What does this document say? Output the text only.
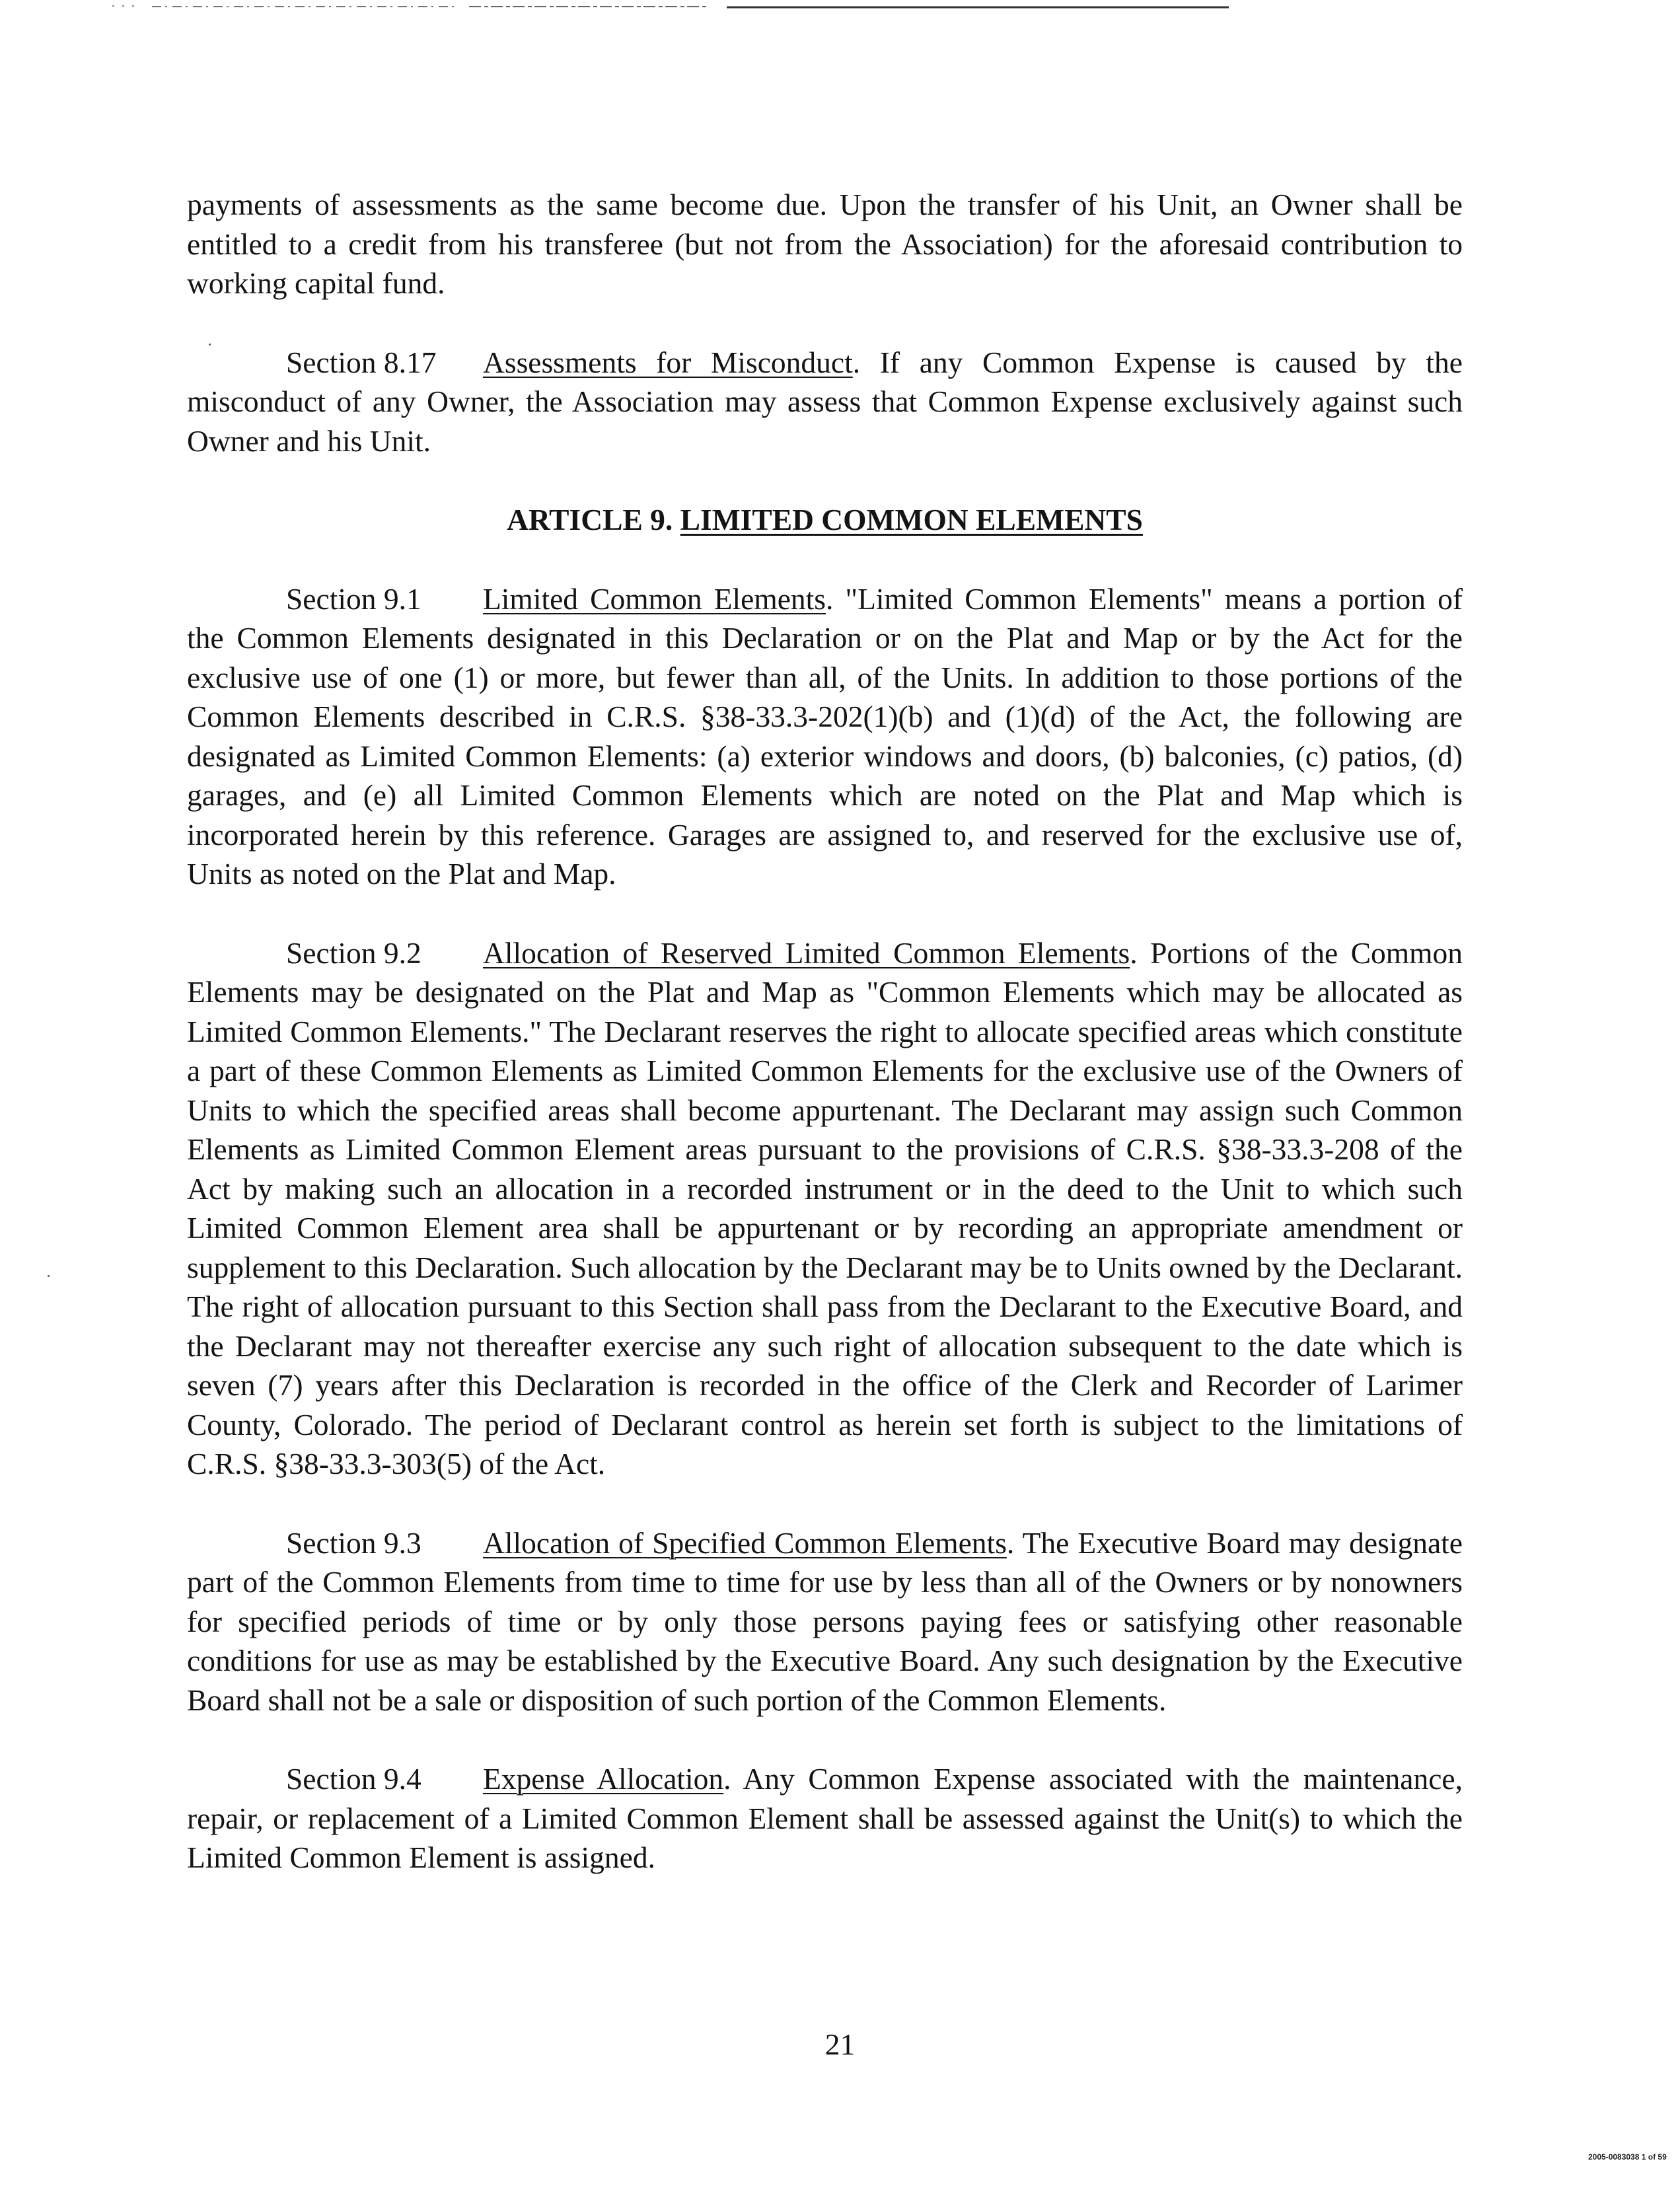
payments of assessments as the same become due. Upon the transfer of his Unit, an Owner shall be entitled to a credit from his transferee (but not from the Association) for the aforesaid contribution to working capital fund.

Section 8.17 Assessments for Misconduct. If any Common Expense is caused by the misconduct of any Owner, the Association may assess that Common Expense exclusively against such Owner and his Unit.

ARTICLE 9. LIMITED COMMON ELEMENTS

Section 9.1 Limited Common Elements. "Limited Common Elements" means a portion of the Common Elements designated in this Declaration or on the Plat and Map or by the Act for the exclusive use of one (1) or more, but fewer than all, of the Units. In addition to those portions of the Common Elements described in C.R.S. §38-33.3-202(1)(b) and (1)(d) of the Act, the following are designated as Limited Common Elements: (a) exterior windows and doors, (b) balconies, (c) patios, (d) garages, and (e) all Limited Common Elements which are noted on the Plat and Map which is incorporated herein by this reference. Garages are assigned to, and reserved for the exclusive use of, Units as noted on the Plat and Map.

Section 9.2 Allocation of Reserved Limited Common Elements. Portions of the Common Elements may be designated on the Plat and Map as "Common Elements which may be allocated as Limited Common Elements." The Declarant reserves the right to allocate specified areas which constitute a part of these Common Elements as Limited Common Elements for the exclusive use of the Owners of Units to which the specified areas shall become appurtenant. The Declarant may assign such Common Elements as Limited Common Element areas pursuant to the provisions of C.R.S. §38-33.3-208 of the Act by making such an allocation in a recorded instrument or in the deed to the Unit to which such Limited Common Element area shall be appurtenant or by recording an appropriate amendment or supplement to this Declaration. Such allocation by the Declarant may be to Units owned by the Declarant. The right of allocation pursuant to this Section shall pass from the Declarant to the Executive Board, and the Declarant may not thereafter exercise any such right of allocation subsequent to the date which is seven (7) years after this Declaration is recorded in the office of the Clerk and Recorder of Larimer County, Colorado. The period of Declarant control as herein set forth is subject to the limitations of C.R.S. §38-33.3-303(5) of the Act.

Section 9.3 Allocation of Specified Common Elements. The Executive Board may designate part of the Common Elements from time to time for use by less than all of the Owners or by nonowners for specified periods of time or by only those persons paying fees or satisfying other reasonable conditions for use as may be established by the Executive Board. Any such designation by the Executive Board shall not be a sale or disposition of such portion of the Common Elements.

Section 9.4 Expense Allocation. Any Common Expense associated with the maintenance, repair, or replacement of a Limited Common Element shall be assessed against the Unit(s) to which the Limited Common Element is assigned.

21
2005-0083038 1 of 59
